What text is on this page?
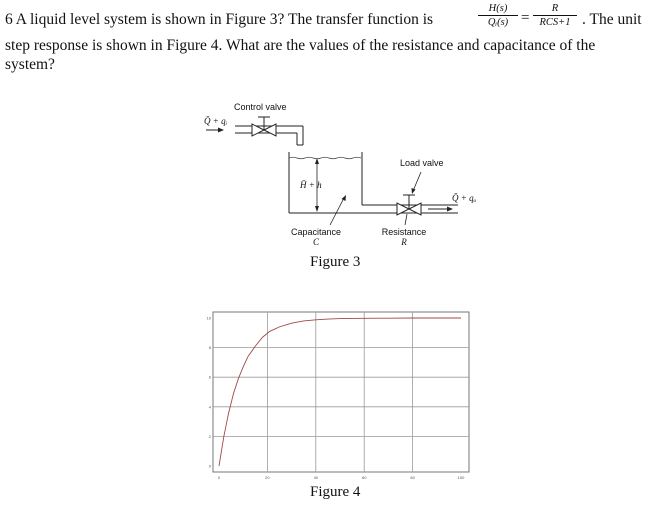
6 A liquid level system is shown in Figure 3? The transfer function is
H(s)
Qᵢ(s) =
R
RCS+1 . The unit
step response is shown in Figure 4. What are the values of the resistance and capacitance of the
system?
Q̄ + qᵢ
Control valve
H̄ + h
Load valve
Q̄ + qₒ
Capacitance
C
Resistance
R
Figure 3
0	20	40	60	80	100
0
2
4
6
8
10
Figure 4
